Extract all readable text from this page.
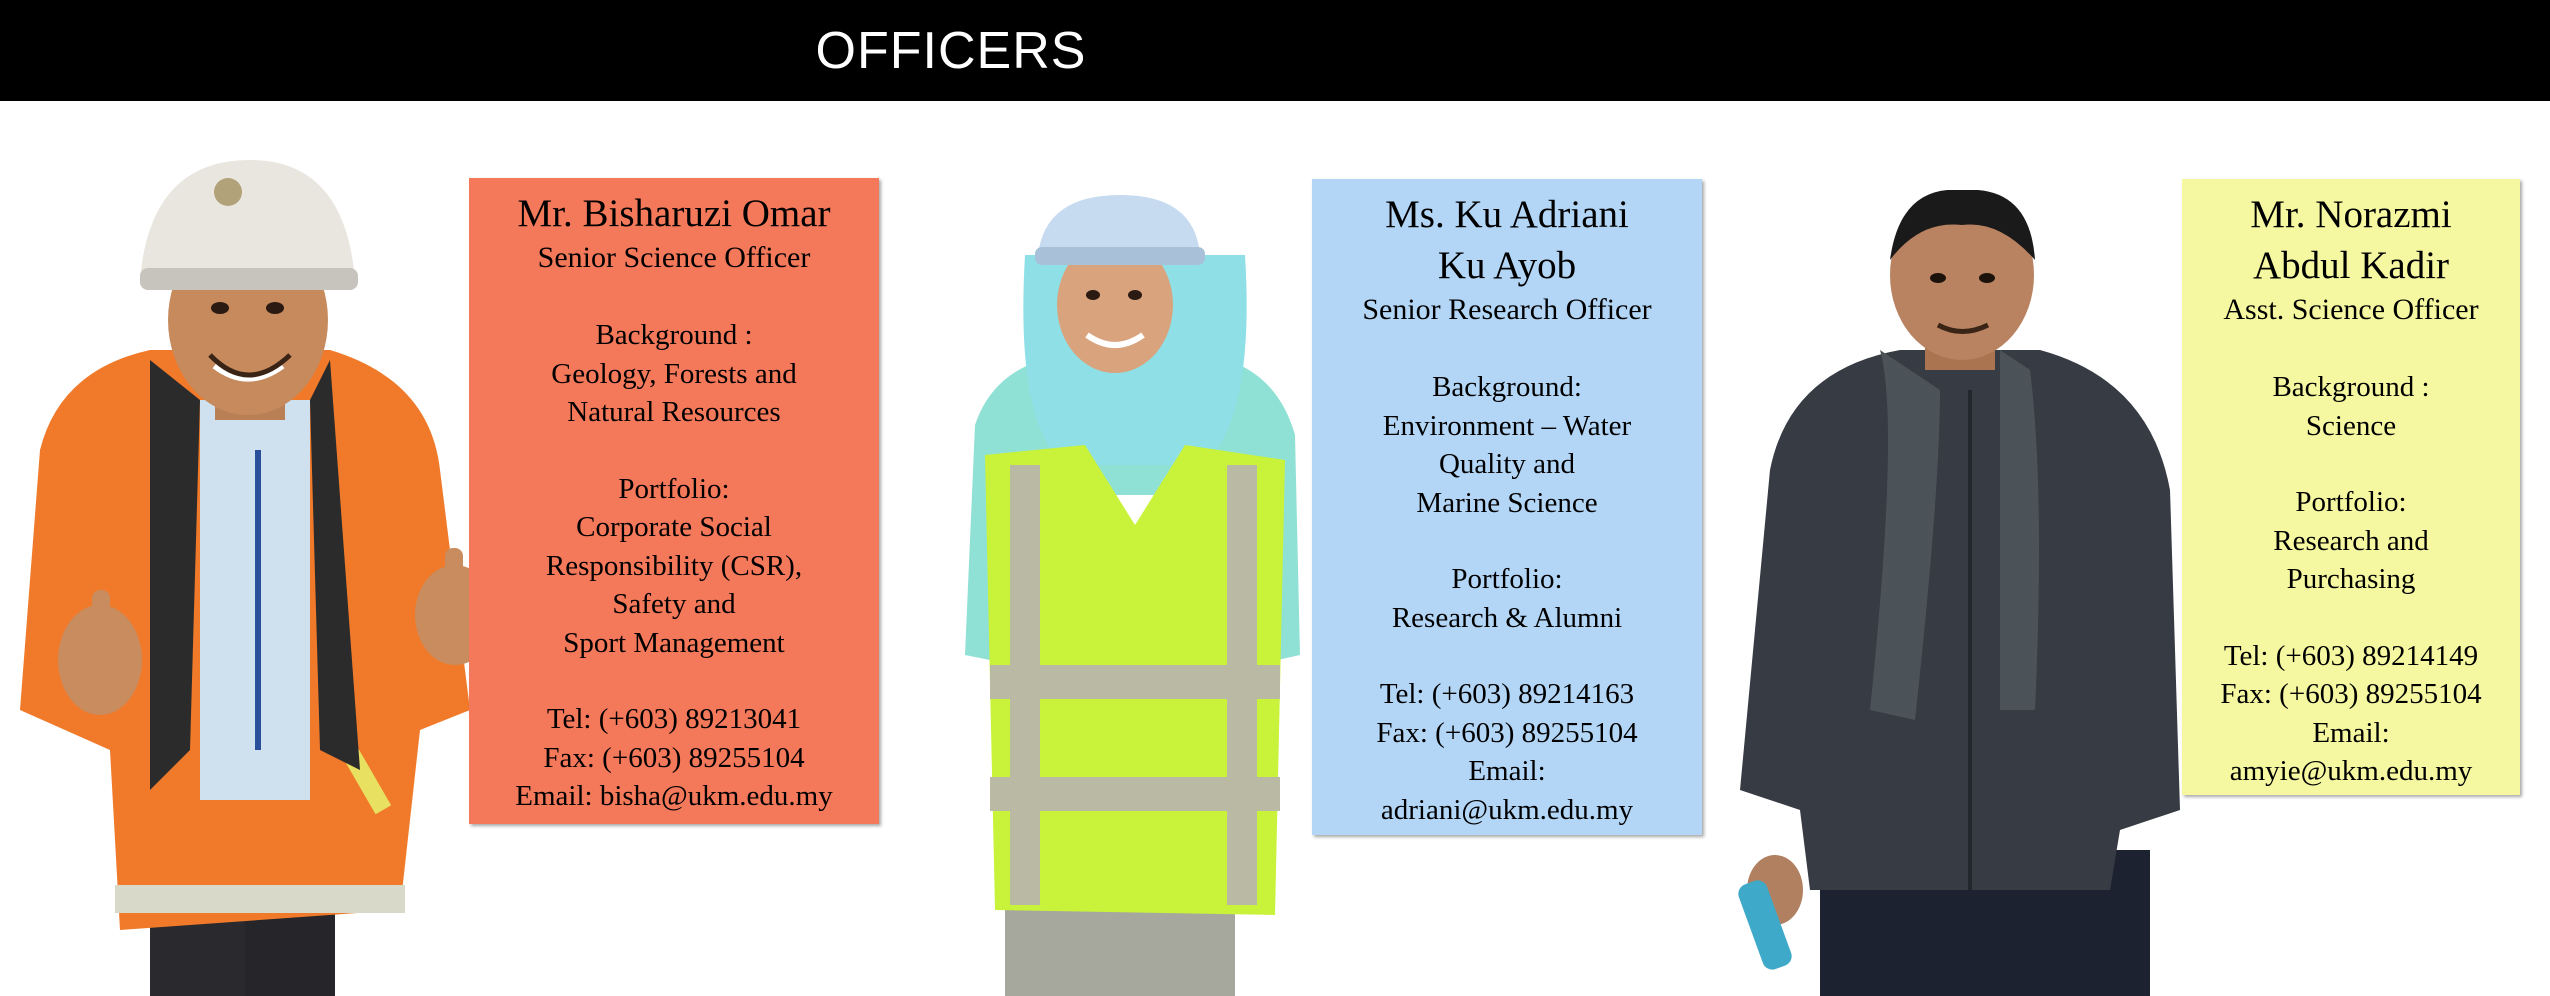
OFFICERS
Mr. Bisharuzi Omar
Senior Science Officer
Background :
Geology, Forests and
Natural Resources
Portfolio:
Corporate Social
Responsibility (CSR),
Safety and
Sport Management
Tel: (+603) 89213041
Fax: (+603) 89255104
Email: bisha@ukm.edu.my
Ms. Ku Adriani
Ku Ayob
Senior Research Officer
Background:
Environment – Water
Quality and
Marine Science
Portfolio:
Research & Alumni
Tel: (+603) 89214163
Fax: (+603) 89255104
Email:
adriani@ukm.edu.my
Mr. Norazmi
Abdul Kadir
Asst. Science Officer
Background :
Science
Portfolio:
Research and
Purchasing
Tel: (+603) 89214149
Fax: (+603) 89255104
Email:
amyie@ukm.edu.my
